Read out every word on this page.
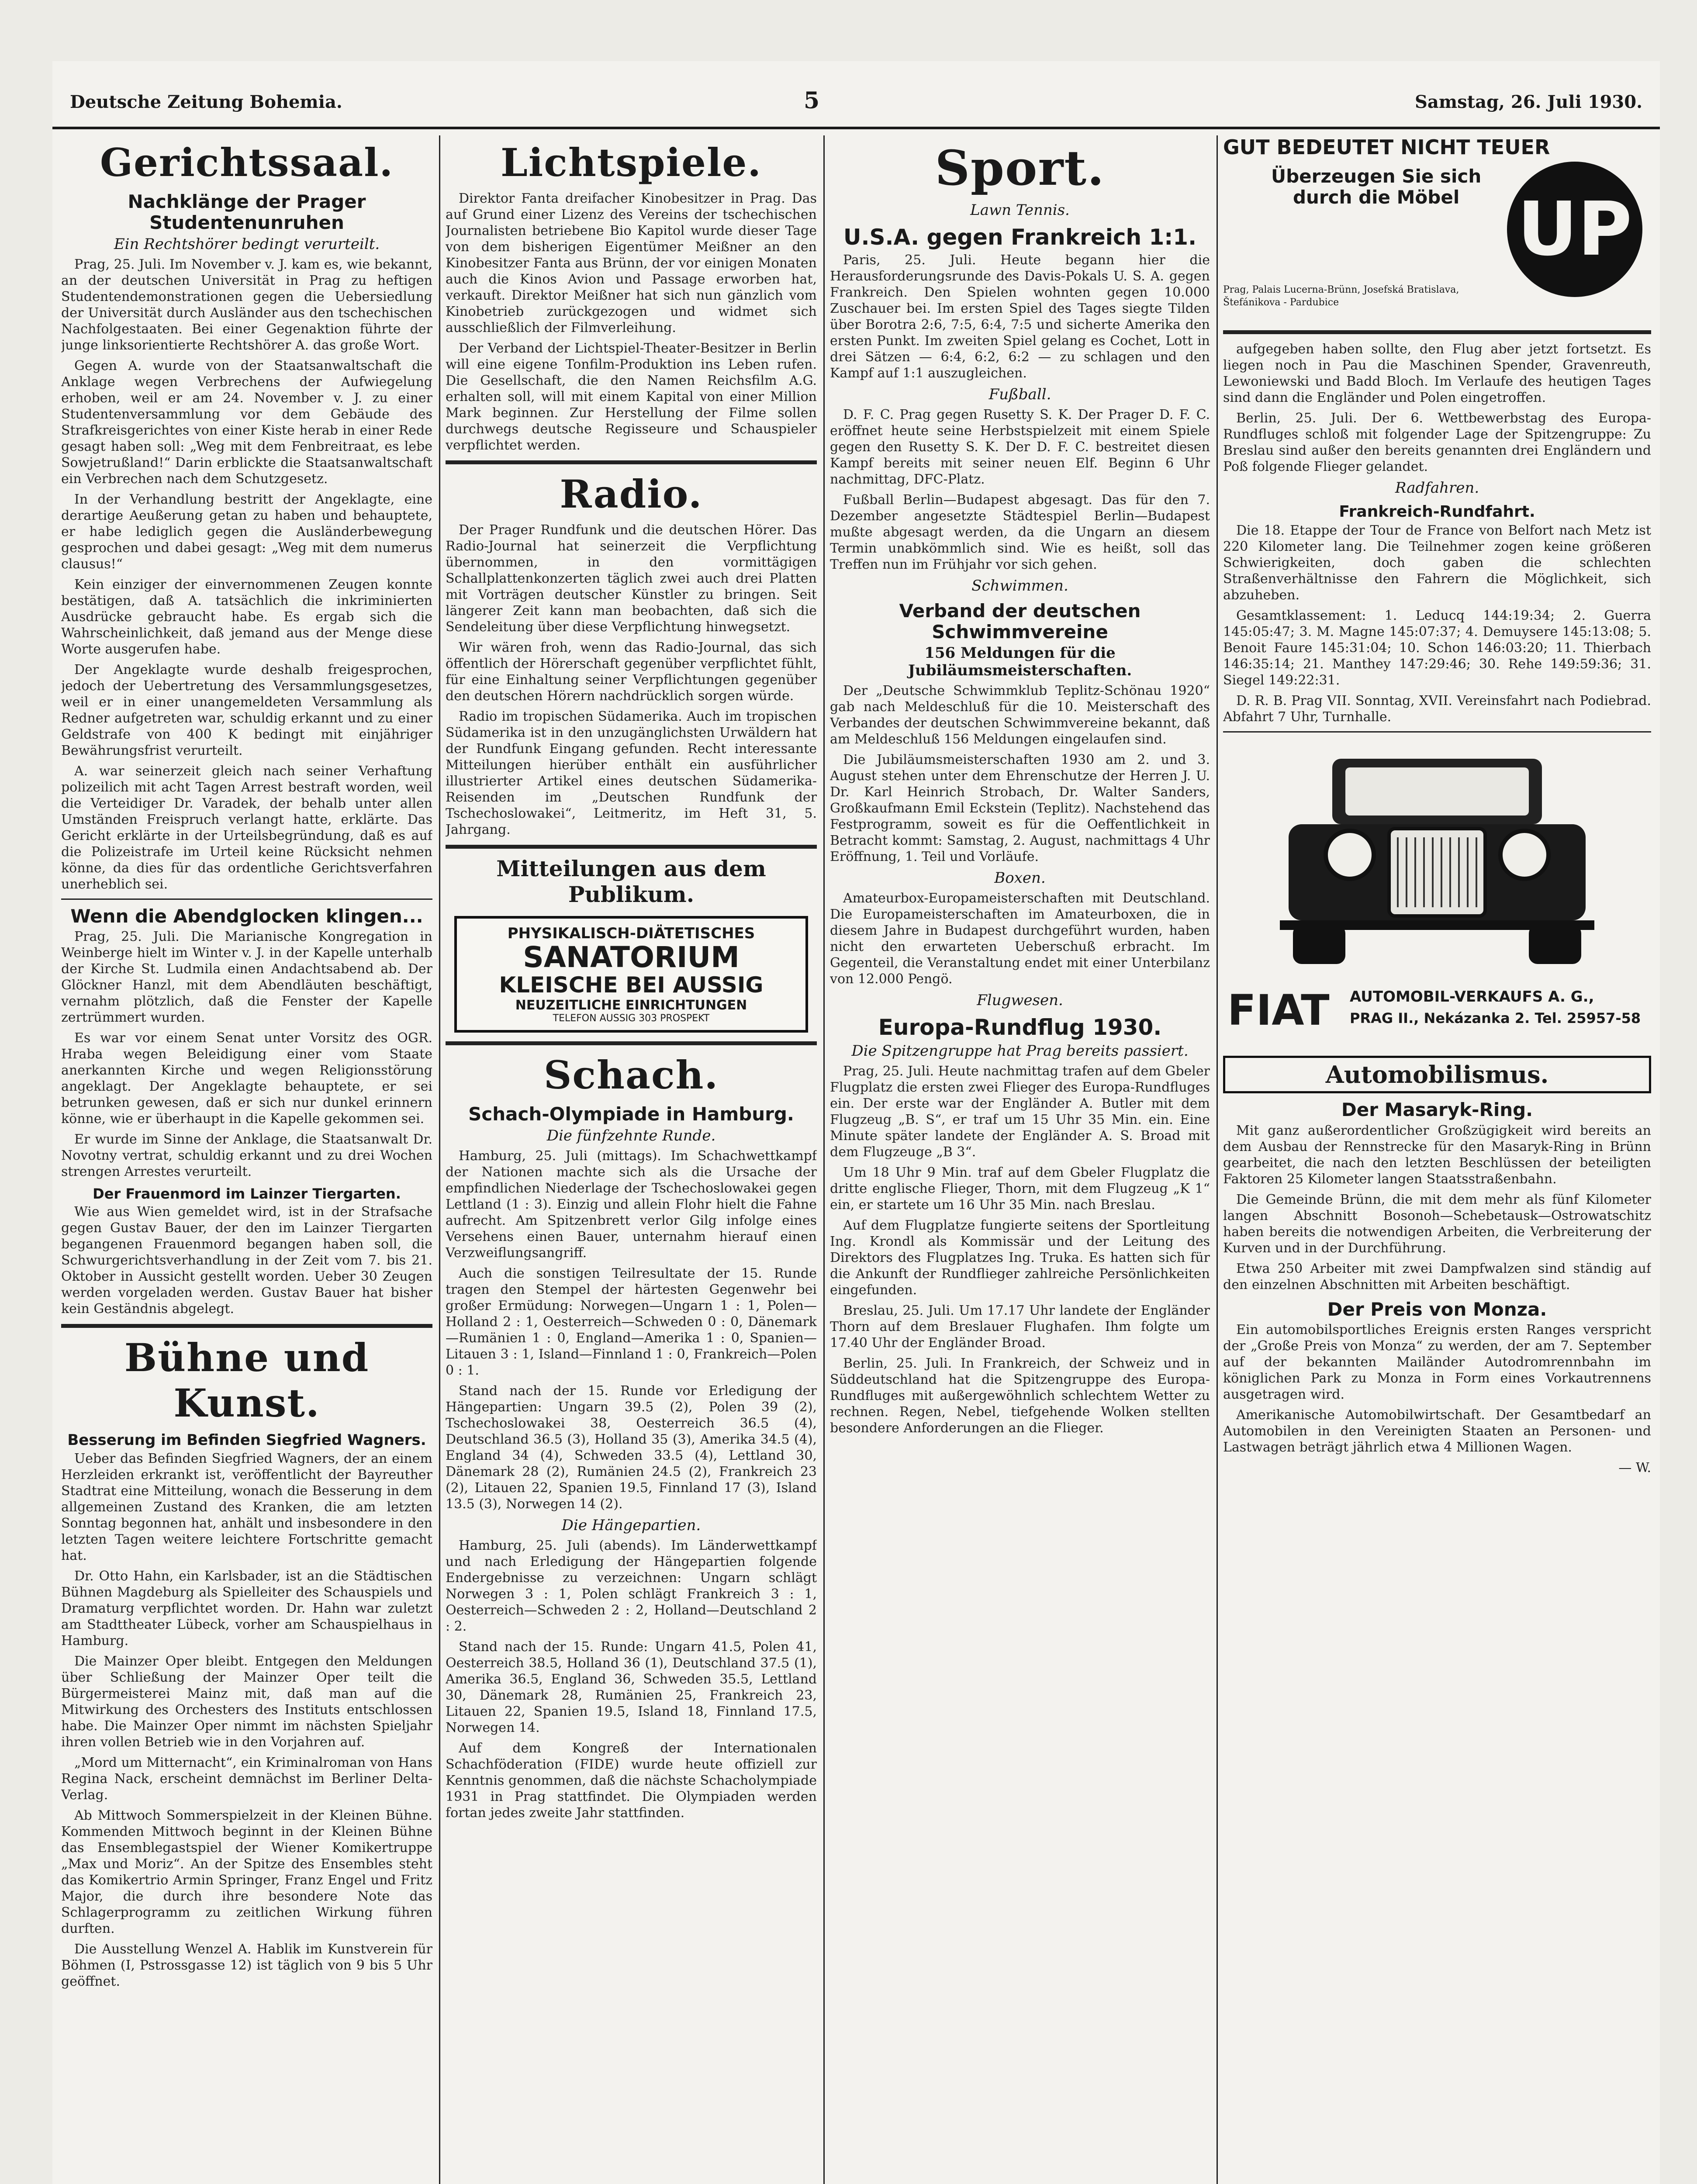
Deutsche Zeitung Bohemia.	5	Samstag, 26. Juli 1930.
Gerichtssaal.
Nachklänge der Prager Studentenunruhen
Ein Rechtshörer bedingt verurteilt.

Prag, 25. Juli. Im November v. J. kam es, wie bekannt, an der deutschen Universität in Prag zu heftigen Studentendemonstrationen gegen die Uebersiedlung der Universität durch Ausländer aus den tschechischen Nachfolgestaaten. Bei einer Gegenaktion führte der junge linksorientierte Rechtshörer A. das große Wort.

Gegen A. wurde von der Staatsanwaltschaft die Anklage wegen Verbrechens der Aufwiegelung erhoben, weil er am 24. November v. J. zu einer Studentenversammlung vor dem Gebäude des Strafkreisgerichtes von einer Kiste herab in einer Rede gesagt haben soll: „Weg mit dem Fenbreitraat, es lebe Sowjetrußland!“ Darin erblickte die Staatsanwaltschaft ein Verbrechen nach dem Schutzgesetz.

In der Verhandlung bestritt der Angeklagte, eine derartige Aeußerung getan zu haben und behauptete, er habe lediglich gegen die Ausländerbewegung gesprochen und dabei gesagt: „Weg mit dem numerus clausus!“

Kein einziger der einvernommenen Zeugen konnte bestätigen, daß A. tatsächlich die inkriminierten Ausdrücke gebraucht habe. Es ergab sich die Wahrscheinlichkeit, daß jemand aus der Menge diese Worte ausgerufen habe.

Der Angeklagte wurde deshalb freigesprochen, jedoch der Uebertretung des Versammlungsgesetzes, weil er in einer unangemeldeten Versammlung als Redner aufgetreten war, schuldig erkannt und zu einer Geldstrafe von 400 K bedingt mit einjähriger Bewährungsfrist verurteilt.

A. war seinerzeit gleich nach seiner Verhaftung polizeilich mit acht Tagen Arrest bestraft worden, weil die Verteidiger Dr. Varadek, der behalb unter allen Umständen Freispruch verlangt hatte, erklärte. Das Gericht erklärte in der Urteilsbegründung, daß es auf die Polizeistrafe im Urteil keine Rücksicht nehmen könne, da dies für das ordentliche Gerichtsverfahren unerheblich sei.

Wenn die Abendglocken klingen...

Prag, 25. Juli. Die Marianische Kongregation in Weinberge hielt im Winter v. J. in der Kapelle unterhalb der Kirche St. Ludmila einen Andachtsabend ab. Der Glöckner Hanzl, mit dem Abendläuten beschäftigt, vernahm plötzlich, daß die Fenster der Kapelle zertrümmert wurden.

Es war vor einem Senat unter Vorsitz des OGR. Hraba wegen Beleidigung einer vom Staate anerkannten Kirche und wegen Religionsstörung angeklagt. Der Angeklagte behauptete, er sei betrunken gewesen, daß er sich nur dunkel erinnern könne, wie er überhaupt in die Kapelle gekommen sei.

Er wurde im Sinne der Anklage, die Staatsanwalt Dr. Novotny vertrat, schuldig erkannt und zu drei Wochen strengen Arrestes verurteilt.

Der Frauenmord im Lainzer Tiergarten.

Wie aus Wien gemeldet wird, ist in der Strafsache gegen Gustav Bauer, der den im Lainzer Tiergarten begangenen Frauenmord begangen haben soll, die Schwurgerichtsverhandlung in der Zeit vom 7. bis 21. Oktober in Aussicht gestellt worden. Ueber 30 Zeugen werden vorgeladen werden. Gustav Bauer hat bisher kein Geständnis abgelegt.

Bühne und Kunst.
Besserung im Befinden Siegfried Wagners.

Ueber das Befinden Siegfried Wagners, der an einem Herzleiden erkrankt ist, veröffentlicht der Bayreuther Stadtrat eine Mitteilung, wonach die Besserung in dem allgemeinen Zustand des Kranken, die am letzten Sonntag begonnen hat, anhält und insbesondere in den letzten Tagen weitere leichtere Fortschritte gemacht hat.

Dr. Otto Hahn, ein Karlsbader, ist an die Städtischen Bühnen Magdeburg als Spielleiter des Schauspiels und Dramaturg verpflichtet worden. Dr. Hahn war zuletzt am Stadttheater Lübeck, vorher am Schauspielhaus in Hamburg.

Die Mainzer Oper bleibt. Entgegen den Meldungen über Schließung der Mainzer Oper teilt die Bürgermeisterei Mainz mit, daß man auf die Mitwirkung des Orchesters des Instituts entschlossen habe. Die Mainzer Oper nimmt im nächsten Spieljahr ihren vollen Betrieb wie in den Vorjahren auf.

„Mord um Mitternacht“, ein Kriminalroman von Hans Regina Nack, erscheint demnächst im Berliner Delta-Verlag.

Ab Mittwoch Sommerspielzeit in der Kleinen Bühne. Kommenden Mittwoch beginnt in der Kleinen Bühne das Ensemblegastspiel der Wiener Komikertruppe „Max und Moriz“. An der Spitze des Ensembles steht das Komikertrio Armin Springer, Franz Engel und Fritz Major, die durch ihre besondere Note das Schlagerprogramm zu zeitlichen Wirkung führen durften.

Die Ausstellung Wenzel A. Hablik im Kunstverein für Böhmen (I, Pstrossgasse 12) ist täglich von 9 bis 5 Uhr geöffnet.

Lichtspiele.

Direktor Fanta dreifacher Kinobesitzer in Prag. Das auf Grund einer Lizenz des Vereins der tschechischen Journalisten betriebene Bio Kapitol wurde dieser Tage von dem bisherigen Eigentümer Meißner an den Kinobesitzer Fanta aus Brünn, der vor einigen Monaten auch die Kinos Avion und Passage erworben hat, verkauft. Direktor Meißner hat sich nun gänzlich vom Kinobetrieb zurückgezogen und widmet sich ausschließlich der Filmverleihung.

Der Verband der Lichtspiel-Theater-Besitzer in Berlin will eine eigene Tonfilm-Produktion ins Leben rufen. Die Gesellschaft, die den Namen Reichsfilm A.G. erhalten soll, will mit einem Kapital von einer Million Mark beginnen. Zur Herstellung der Filme sollen durchwegs deutsche Regisseure und Schauspieler verpflichtet werden.

Radio.

Der Prager Rundfunk und die deutschen Hörer. Das Radio-Journal hat seinerzeit die Verpflichtung übernommen, in den vormittägigen Schallplattenkonzerten täglich zwei auch drei Platten mit Vorträgen deutscher Künstler zu bringen. Seit längerer Zeit kann man beobachten, daß sich die Sendeleitung über diese Verpflichtung hinwegsetzt.

Wir wären froh, wenn das Radio-Journal, das sich öffentlich der Hörerschaft gegenüber verpflichtet fühlt, für eine Einhaltung seiner Verpflichtungen gegenüber den deutschen Hörern nachdrücklich sorgen würde.

Radio im tropischen Südamerika. Auch im tropischen Südamerika ist in den unzugänglichsten Urwäldern hat der Rundfunk Eingang gefunden. Recht interessante Mitteilungen hierüber enthält ein ausführlicher illustrierter Artikel eines deutschen Südamerika-Reisenden im „Deutschen Rundfunk der Tschechoslowakei“, Leitmeritz, im Heft 31, 5. Jahrgang.

Mitteilungen aus dem Publikum.
PHYSIKALISCH-DIÄTETISCHES
SANATORIUM
KLEISCHE BEI AUSSIG
NEUZEITLICHE EINRICHTUNGEN
TELEFON AUSSIG 303 PROSPEKT
Schach.
Schach-Olympiade in Hamburg.
Die fünfzehnte Runde.

Hamburg, 25. Juli (mittags). Im Schachwettkampf der Nationen machte sich als die Ursache der empfindlichen Niederlage der Tschechoslowakei gegen Lettland (1 : 3). Einzig und allein Flohr hielt die Fahne aufrecht. Am Spitzenbrett verlor Gilg infolge eines Versehens einen Bauer, unternahm hierauf einen Verzweiflungsangriff.

Auch die sonstigen Teilresultate der 15. Runde tragen den Stempel der härtesten Gegenwehr bei großer Ermüdung: Norwegen—Ungarn 1 : 1, Polen—Holland 2 : 1, Oesterreich—Schweden 0 : 0, Dänemark—Rumänien 1 : 0, England—Amerika 1 : 0, Spanien—Litauen 3 : 1, Island—Finnland 1 : 0, Frankreich—Polen 0 : 1.

Stand nach der 15. Runde vor Erledigung der Hängepartien: Ungarn 39.5 (2), Polen 39 (2), Tschechoslowakei 38, Oesterreich 36.5 (4), Deutschland 36.5 (3), Holland 35 (3), Amerika 34.5 (4), England 34 (4), Schweden 33.5 (4), Lettland 30, Dänemark 28 (2), Rumänien 24.5 (2), Frankreich 23 (2), Litauen 22, Spanien 19.5, Finnland 17 (3), Island 13.5 (3), Norwegen 14 (2).

Die Hängepartien.

Hamburg, 25. Juli (abends). Im Länderwettkampf und nach Erledigung der Hängepartien folgende Endergebnisse zu verzeichnen: Ungarn schlägt Norwegen 3 : 1, Polen schlägt Frankreich 3 : 1, Oesterreich—Schweden 2 : 2, Holland—Deutschland 2 : 2.

Stand nach der 15. Runde: Ungarn 41.5, Polen 41, Oesterreich 38.5, Holland 36 (1), Deutschland 37.5 (1), Amerika 36.5, England 36, Schweden 35.5, Lettland 30, Dänemark 28, Rumänien 25, Frankreich 23, Litauen 22, Spanien 19.5, Island 18, Finnland 17.5, Norwegen 14.

Auf dem Kongreß der Internationalen Schachföderation (FIDE) wurde heute offiziell zur Kenntnis genommen, daß die nächste Schacholympiade 1931 in Prag stattfindet. Die Olympiaden werden fortan jedes zweite Jahr stattfinden.

Sport.
Lawn Tennis.
U.S.A. gegen Frankreich 1:1.

Paris, 25. Juli. Heute begann hier die Herausforderungsrunde des Davis-Pokals U. S. A. gegen Frankreich. Den Spielen wohnten gegen 10.000 Zuschauer bei. Im ersten Spiel des Tages siegte Tilden über Borotra 2:6, 7:5, 6:4, 7:5 und sicherte Amerika den ersten Punkt. Im zweiten Spiel gelang es Cochet, Lott in drei Sätzen — 6:4, 6:2, 6:2 — zu schlagen und den Kampf auf 1:1 auszugleichen.

Fußball.

D. F. C. Prag gegen Rusetty S. K. Der Prager D. F. C. eröffnet heute seine Herbstspielzeit mit einem Spiele gegen den Rusetty S. K. Der D. F. C. bestreitet diesen Kampf bereits mit seiner neuen Elf. Beginn 6 Uhr nachmittag, DFC-Platz.

Fußball Berlin—Budapest abgesagt. Das für den 7. Dezember angesetzte Städtespiel Berlin—Budapest mußte abgesagt werden, da die Ungarn an diesem Termin unabkömmlich sind. Wie es heißt, soll das Treffen nun im Frühjahr vor sich gehen.

Schwimmen.
Verband der deutschen Schwimmvereine
156 Meldungen für die Jubiläumsmeisterschaften.

Der „Deutsche Schwimmklub Teplitz-Schönau 1920“ gab nach Meldeschluß für die 10. Meisterschaft des Verbandes der deutschen Schwimmvereine bekannt, daß am Meldeschluß 156 Meldungen eingelaufen sind.

Die Jubiläumsmeisterschaften 1930 am 2. und 3. August stehen unter dem Ehrenschutze der Herren J. U. Dr. Karl Heinrich Strobach, Dr. Walter Sanders, Großkaufmann Emil Eckstein (Teplitz). Nachstehend das Festprogramm, soweit es für die Oeffentlichkeit in Betracht kommt: Samstag, 2. August, nachmittags 4 Uhr Eröffnung, 1. Teil und Vorläufe.

Boxen.

Amateurbox-Europameisterschaften mit Deutschland. Die Europameisterschaften im Amateurboxen, die in diesem Jahre in Budapest durchgeführt wurden, haben nicht den erwarteten Ueberschuß erbracht. Im Gegenteil, die Veranstaltung endet mit einer Unterbilanz von 12.000 Pengö.

Flugwesen.
Europa-Rundflug 1930.
Die Spitzengruppe hat Prag bereits passiert.

Prag, 25. Juli. Heute nachmittag trafen auf dem Gbeler Flugplatz die ersten zwei Flieger des Europa-Rundfluges ein. Der erste war der Engländer A. Butler mit dem Flugzeug „B. S“, er traf um 15 Uhr 35 Min. ein. Eine Minute später landete der Engländer A. S. Broad mit dem Flugzeuge „B 3“.

Um 18 Uhr 9 Min. traf auf dem Gbeler Flugplatz die dritte englische Flieger, Thorn, mit dem Flugzeug „K 1“ ein, er startete um 16 Uhr 35 Min. nach Breslau.

Auf dem Flugplatze fungierte seitens der Sportleitung Ing. Krondl als Kommissär und der Leitung des Direktors des Flugplatzes Ing. Truka. Es hatten sich für die Ankunft der Rundflieger zahlreiche Persönlichkeiten eingefunden.

Breslau, 25. Juli. Um 17.17 Uhr landete der Engländer Thorn auf dem Breslauer Flughafen. Ihm folgte um 17.40 Uhr der Engländer Broad.

Berlin, 25. Juli. In Frankreich, der Schweiz und in Süddeutschland hat die Spitzengruppe des Europa-Rundfluges mit außergewöhnlich schlechtem Wetter zu rechnen. Regen, Nebel, tiefgehende Wolken stellten besondere Anforderungen an die Flieger.

GUT BEDEUTET NICHT TEUER
Überzeugen Sie sich
durch die Möbel UP
Prag, Palais Lucerna-Brünn, Josefská Bratislava, Štefánikova - Pardubice

aufgegeben haben sollte, den Flug aber jetzt fortsetzt. Es liegen noch in Pau die Maschinen Spender, Gravenreuth, Lewoniewski und Badd Bloch. Im Verlaufe des heutigen Tages sind dann die Engländer und Polen eingetroffen.

Berlin, 25. Juli. Der 6. Wettbewerbstag des Europa-Rundfluges schloß mit folgender Lage der Spitzengruppe: Zu Breslau sind außer den bereits genannten drei Engländern und Poß folgende Flieger gelandet.

Radfahren.
Frankreich-Rundfahrt.

Die 18. Etappe der Tour de France von Belfort nach Metz ist 220 Kilometer lang. Die Teilnehmer zogen keine größeren Schwierigkeiten, doch gaben die schlechten Straßenverhältnisse den Fahrern die Möglichkeit, sich abzuheben.

Gesamtklassement: 1. Leducq 144:19:34; 2. Guerra 145:05:47; 3. M. Magne 145:07:37; 4. Demuysere 145:13:08; 5. Benoit Faure 145:31:04; 10. Schon 146:03:20; 11. Thierbach 146:35:14; 21. Manthey 147:29:46; 30. Rehe 149:59:36; 31. Siegel 149:22:31.

D. R. B. Prag VII. Sonntag, XVII. Vereinsfahrt nach Podiebrad. Abfahrt 7 Uhr, Turnhalle.

FIAT AUTOMOBIL-VERKAUFS A. G.,
PRAG II., Nekázanka 2. Tel. 25957-58
Automobilismus.
Der Masaryk-Ring.

Mit ganz außerordentlicher Großzügigkeit wird bereits an dem Ausbau der Rennstrecke für den Masaryk-Ring in Brünn gearbeitet, die nach den letzten Beschlüssen der beteiligten Faktoren 25 Kilometer langen Staatsstraßenbahn.

Die Gemeinde Brünn, die mit dem mehr als fünf Kilometer langen Abschnitt Bosonoh—Schebetausk—Ostrowatschitz haben bereits die notwendigen Arbeiten, die Verbreiterung der Kurven und in der Durchführung.

Etwa 250 Arbeiter mit zwei Dampfwalzen sind ständig auf den einzelnen Abschnitten mit Arbeiten beschäftigt.

Der Preis von Monza.

Ein automobilsportliches Ereignis ersten Ranges verspricht der „Große Preis von Monza“ zu werden, der am 7. September auf der bekannten Mailänder Autodromrennbahn im königlichen Park zu Monza in Form eines Vorkautrennens ausgetragen wird.

Amerikanische Automobilwirtschaft. Der Gesamtbedarf an Automobilen in den Vereinigten Staaten an Personen- und Lastwagen beträgt jährlich etwa 4 Millionen Wagen.

— W.
